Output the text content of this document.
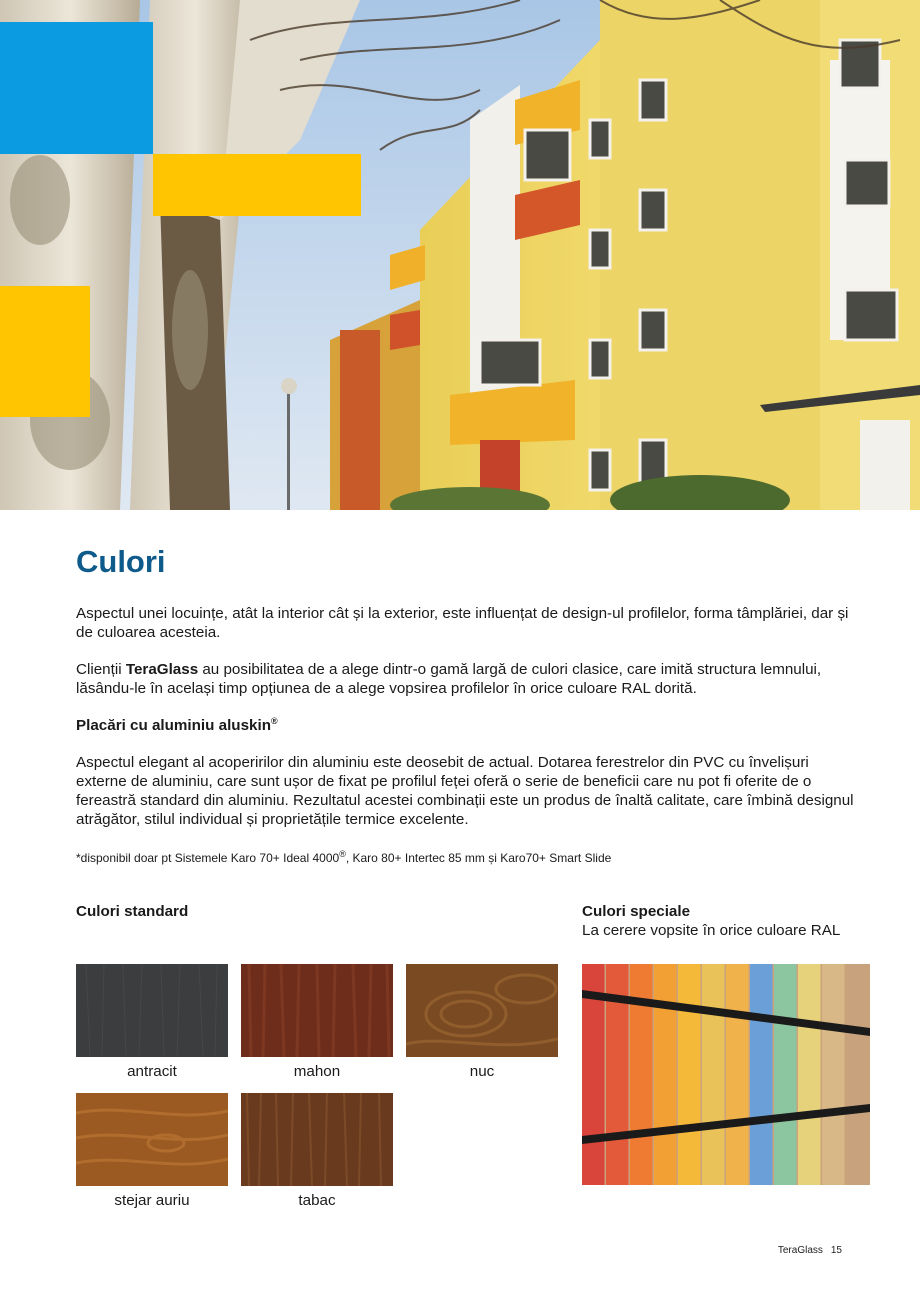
Culori

Aspectul unei locuințe, atât la interior cât și la exterior, este influențat de design-ul profilelor, forma tâmplăriei, dar și de culoarea acesteia.

Clienții TeraGlass au posibilitatea de a alege dintr-o gamă largă de culori clasice, care imită structura lemnului, lăsându-le în același timp opțiunea de a alege vopsirea profilelor în orice culoare RAL dorită.

Placări cu aluminiu aluskin®

Aspectul elegant al acoperirilor din aluminiu este deosebit de actual. Dotarea ferestrelor din PVC cu învelișuri externe de aluminiu, care sunt ușor de fixat pe profilul feței oferă o serie de beneficii care nu pot fi oferite de o fereastră standard din aluminiu. Rezultatul acestei combinații este un produs de înaltă calitate, care îmbină designul atrăgător, stilul individual și proprietățile termice excelente.

*disponibil doar pt Sistemele Karo 70+ Ideal 4000®, Karo 80+ Intertec 85 mm și Karo70+ Smart Slide

Culori standard	Culori speciale

La cerere vopsite în orice culoare RAL

antracit	mahon	nuc
stejar auriu	tabac
TeraGlass 15
